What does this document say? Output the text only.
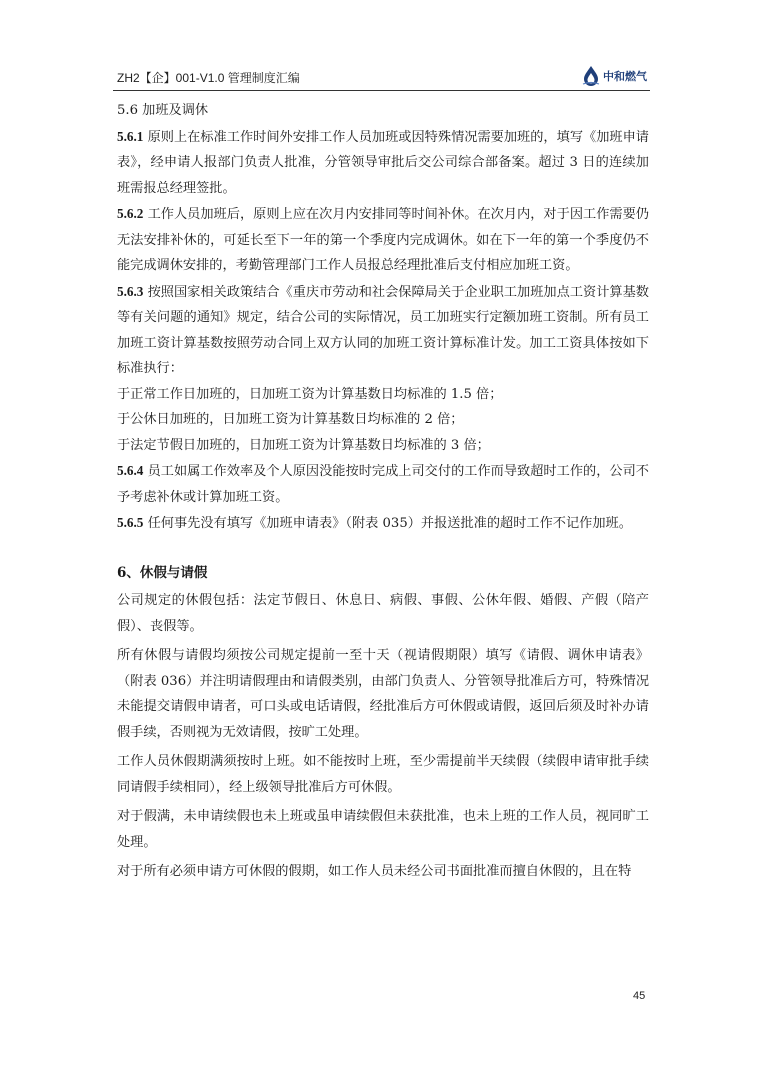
ZH2【企】001-V1.0 管理制度汇编	中和燃气

5.6 加班及调休

5.6.1 原则上在标准工作时间外安排工作人员加班或因特殊情况需要加班的，填写《加班申请表》，经申请人报部门负责人批准，分管领导审批后交公司综合部备案。超过 3 日的连续加班需报总经理签批。

5.6.2 工作人员加班后，原则上应在次月内安排同等时间补休。在次月内，对于因工作需要仍无法安排补休的，可延长至下一年的第一个季度内完成调休。如在下一年的第一个季度仍不能完成调休安排的，考勤管理部门工作人员报总经理批准后支付相应加班工资。

5.6.3 按照国家相关政策结合《重庆市劳动和社会保障局关于企业职工加班加点工资计算基数等有关问题的通知》规定，结合公司的实际情况，员工加班实行定额加班工资制。所有员工加班工资计算基数按照劳动合同上双方认同的加班工资计算标准计发。加工工资具体按如下标准执行：

于正常工作日加班的，日加班工资为计算基数日均标准的 1.5 倍；

于公休日加班的，日加班工资为计算基数日均标准的 2 倍；

于法定节假日加班的，日加班工资为计算基数日均标准的 3 倍；

5.6.4 员工如属工作效率及个人原因没能按时完成上司交付的工作而导致超时工作的，公司不予考虑补休或计算加班工资。

5.6.5 任何事先没有填写《加班申请表》（附表 035）并报送批准的超时工作不记作加班。

6、休假与请假

公司规定的休假包括：法定节假日、休息日、病假、事假、公休年假、婚假、产假（陪产假）、丧假等。

所有休假与请假均须按公司规定提前一至十天（视请假期限）填写《请假、调休申请表》（附表 036）并注明请假理由和请假类别，由部门负责人、分管领导批准后方可，特殊情况未能提交请假申请者，可口头或电话请假，经批准后方可休假或请假，返回后须及时补办请假手续，否则视为无效请假，按旷工处理。

工作人员休假期满须按时上班。如不能按时上班，至少需提前半天续假（续假申请审批手续同请假手续相同），经上级领导批准后方可休假。

对于假满，未申请续假也未上班或虽申请续假但未获批准，也未上班的工作人员，视同旷工处理。

对于所有必须申请方可休假的假期，如工作人员未经公司书面批准而擅自休假的，且在特

45
